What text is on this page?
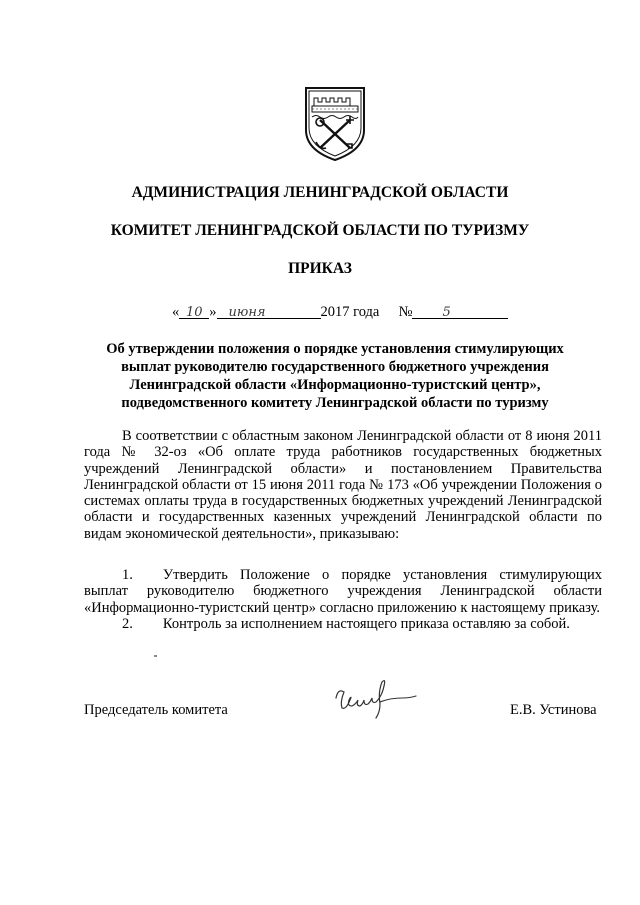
АДМИНИСТРАЦИЯ ЛЕНИНГРАДСКОЙ ОБЛАСТИ
КОМИТЕТ ЛЕНИНГРАДСКОЙ ОБЛАСТИ ПО ТУРИЗМУ
ПРИКАЗ
« 10 » июня	2017 года № 5
Об утверждении положения о порядке установления стимулирующих
выплат руководителю государственного бюджетного учреждения
Ленинградской области «Информационно-туристский центр»,
подведомственного комитету Ленинградской области по туризму
В соответствии с областным законом Ленинградской области от 8 июня 2011 года № 32-оз «Об оплате труда работников государственных бюджетных учреждений Ленинградской области» и постановлением Правительства Ленинградской области от 15 июня 2011 года № 173 «Об учреждении Положения о системах оплаты труда в государственных бюджетных учреждений Ленинградской области и государственных казенных учреждений Ленинградской области по видам экономической деятельности», приказываю:

1. Утвердить Положение о порядке установления стимулирующих выплат руководителю бюджетного учреждения Ленинградской области «Информационно-туристский центр» согласно приложению к настоящему приказу.

2. Контроль за исполнением настоящего приказа оставляю за собой.

Председатель комитета	Е.В. Устинова
